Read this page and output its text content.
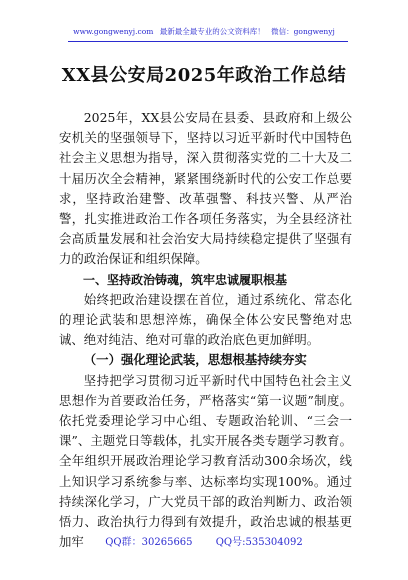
www.gongwenyj.com 最新最全最专业的公文资料库！ 微信：gongwenyj
XX县公安局2025年政治工作总结

2025年，XX县公安局在县委、县政府和上级公安机关的坚强领导下，坚持以习近平新时代中国特色社会主义思想为指导，深入贯彻落实党的二十大及二十届历次全会精神，紧紧围绕新时代的公安工作总要求，坚持政治建警、改革强警、科技兴警、从严治警，扎实推进政治工作各项任务落实，为全县经济社会高质量发展和社会治安大局持续稳定提供了坚强有力的政治保证和组织保障。

一、坚持政治铸魂，筑牢忠诚履职根基

始终把政治建设摆在首位，通过系统化、常态化的理论武装和思想淬炼，确保全体公安民警绝对忠诚、绝对纯洁、绝对可靠的政治底色更加鲜明。

（一）强化理论武装，思想根基持续夯实

坚持把学习贯彻习近平新时代中国特色社会主义思想作为首要政治任务，严格落实“第一议题”制度。依托党委理论学习中心组、专题政治轮训、“三会一课”、主题党日等载体，扎实开展各类专题学习教育。全年组织开展政治理论学习教育活动300余场次，线上知识学习系统参与率、达标率均实现100%。通过持续深化学习，广大党员干部的政治判断力、政治领悟力、政治执行力得到有效提升，政治忠诚的根基更加牢	QQ群：30265665 QQ号:535304092
